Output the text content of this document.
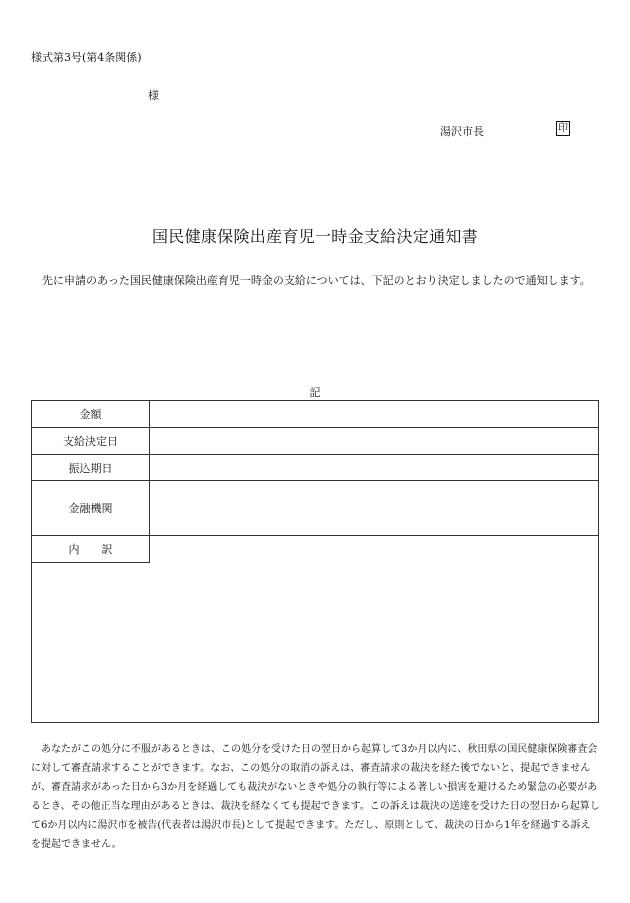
様式第3号(第4条関係)
様
湯沢市長	印
国民健康保険出産育児一時金支給決定通知書
先に申請のあった国民健康保険出産育児一時金の支給については、下記のとおり決定しましたので通知します。
記
金額
支給決定日
振込期日
金融機関
内　　訳
あなたがこの処分に不服があるときは、この処分を受けた日の翌日から起算して3か月以内に、秋田県の国民健康保険審査会に対して審査請求することができます。なお、この処分の取消の訴えは、審査請求の裁決を経た後でないと、提起できませんが、審査請求があった日から3か月を経過しても裁決がないときや処分の執行等による著しい損害を避けるため緊急の必要があるとき、その他正当な理由があるときは、裁決を経なくても提起できます。この訴えは裁決の送達を受けた日の翌日から起算して6か月以内に湯沢市を被告(代表者は湯沢市長)として提起できます。ただし、原則として、裁決の日から1年を経過する訴えを提起できません。
